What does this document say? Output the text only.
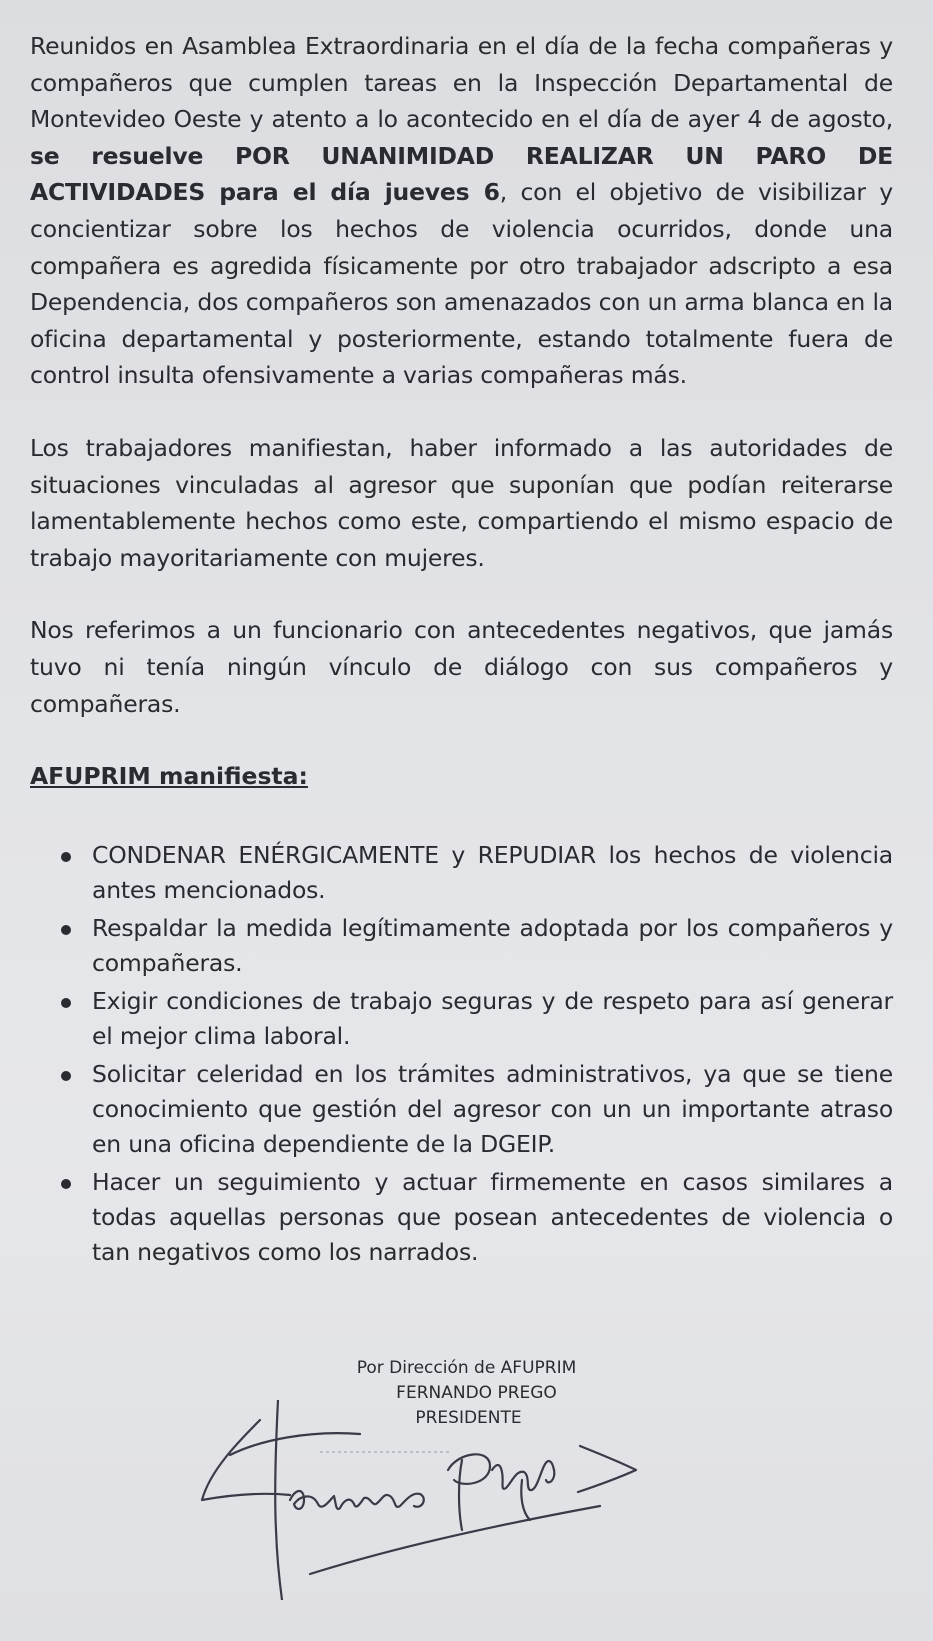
Reunidos en Asamblea Extraordinaria en el día de la fecha compañeras y compañeros que cumplen tareas en la Inspección Departamental de Montevideo Oeste y atento a lo acontecido en el día de ayer 4 de agosto, se resuelve POR UNANIMIDAD REALIZAR UN PARO DE ACTIVIDADES para el día jueves 6, con el objetivo de visibilizar y concientizar sobre los hechos de violencia ocurridos, donde una compañera es agredida físicamente por otro trabajador adscripto a esa Dependencia, dos compañeros son amenazados con un arma blanca en la oficina departamental y posteriormente, estando totalmente fuera de control insulta ofensivamente a varias compañeras más.

Los trabajadores manifiestan, haber informado a las autoridades de situaciones vinculadas al agresor que suponían que podían reiterarse lamentablemente hechos como este, compartiendo el mismo espacio de trabajo mayoritariamente con mujeres.

Nos referimos a un funcionario con antecedentes negativos, que jamás tuvo ni tenía ningún vínculo de diálogo con sus compañeros y compañeras.

AFUPRIM manifiesta:

CONDENAR ENÉRGICAMENTE y REPUDIAR los hechos de violencia antes mencionados.
Respaldar la medida legítimamente adoptada por los compañeros y compañeras.
Exigir condiciones de trabajo seguras y de respeto para así generar el mejor clima laboral.
Solicitar celeridad en los trámites administrativos, ya que se tiene conocimiento que gestión del agresor con un un importante atraso en una oficina dependiente de la DGEIP.
Hacer un seguimiento y actuar firmemente en casos similares a todas aquellas personas que posean antecedentes de violencia o tan negativos como los narrados.

Por Dirección de AFUPRIM

FERNANDO PREGO

PRESIDENTE
